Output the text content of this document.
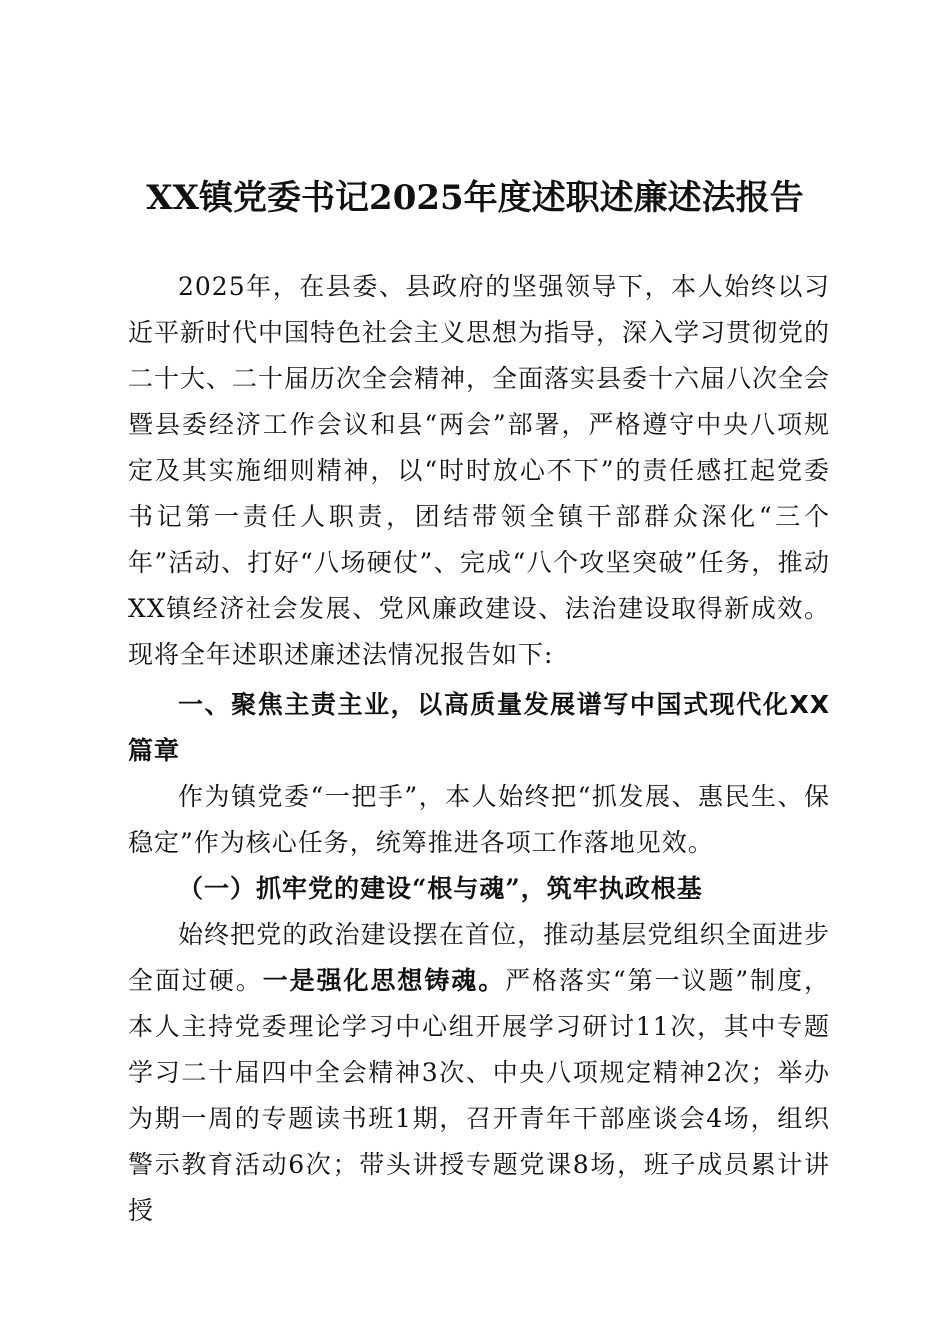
XX镇党委书记2025年度述职述廉述法报告

2025年，在县委、县政府的坚强领导下，本人始终以习近平新时代中国特色社会主义思想为指导，深入学习贯彻党的二十大、二十届历次全会精神，全面落实县委十六届八次全会暨县委经济工作会议和县“两会”部署，严格遵守中央八项规定及其实施细则精神，以“时时放心不下”的责任感扛起党委书记第一责任人职责，团结带领全镇干部群众深化“三个年”活动、打好“八场硬仗”、完成“八个攻坚突破”任务，推动XX镇经济社会发展、党风廉政建设、法治建设取得新成效。现将全年述职述廉述法情况报告如下:

一、聚焦主责主业，以高质量发展谱写中国式现代化XX篇章

作为镇党委“一把手”，本人始终把“抓发展、惠民生、保稳定”作为核心任务，统筹推进各项工作落地见效。

（一）抓牢党的建设“根与魂”，筑牢执政根基

始终把党的政治建设摆在首位，推动基层党组织全面进步全面过硬。一是强化思想铸魂。严格落实“第一议题”制度，本人主持党委理论学习中心组开展学习研讨11次，其中专题学习二十届四中全会精神3次、中央八项规定精神2次；举办为期一周的专题读书班1期，召开青年干部座谈会4场，组织警示教育活动6次；带头讲授专题党课8场，班子成员累计讲授
